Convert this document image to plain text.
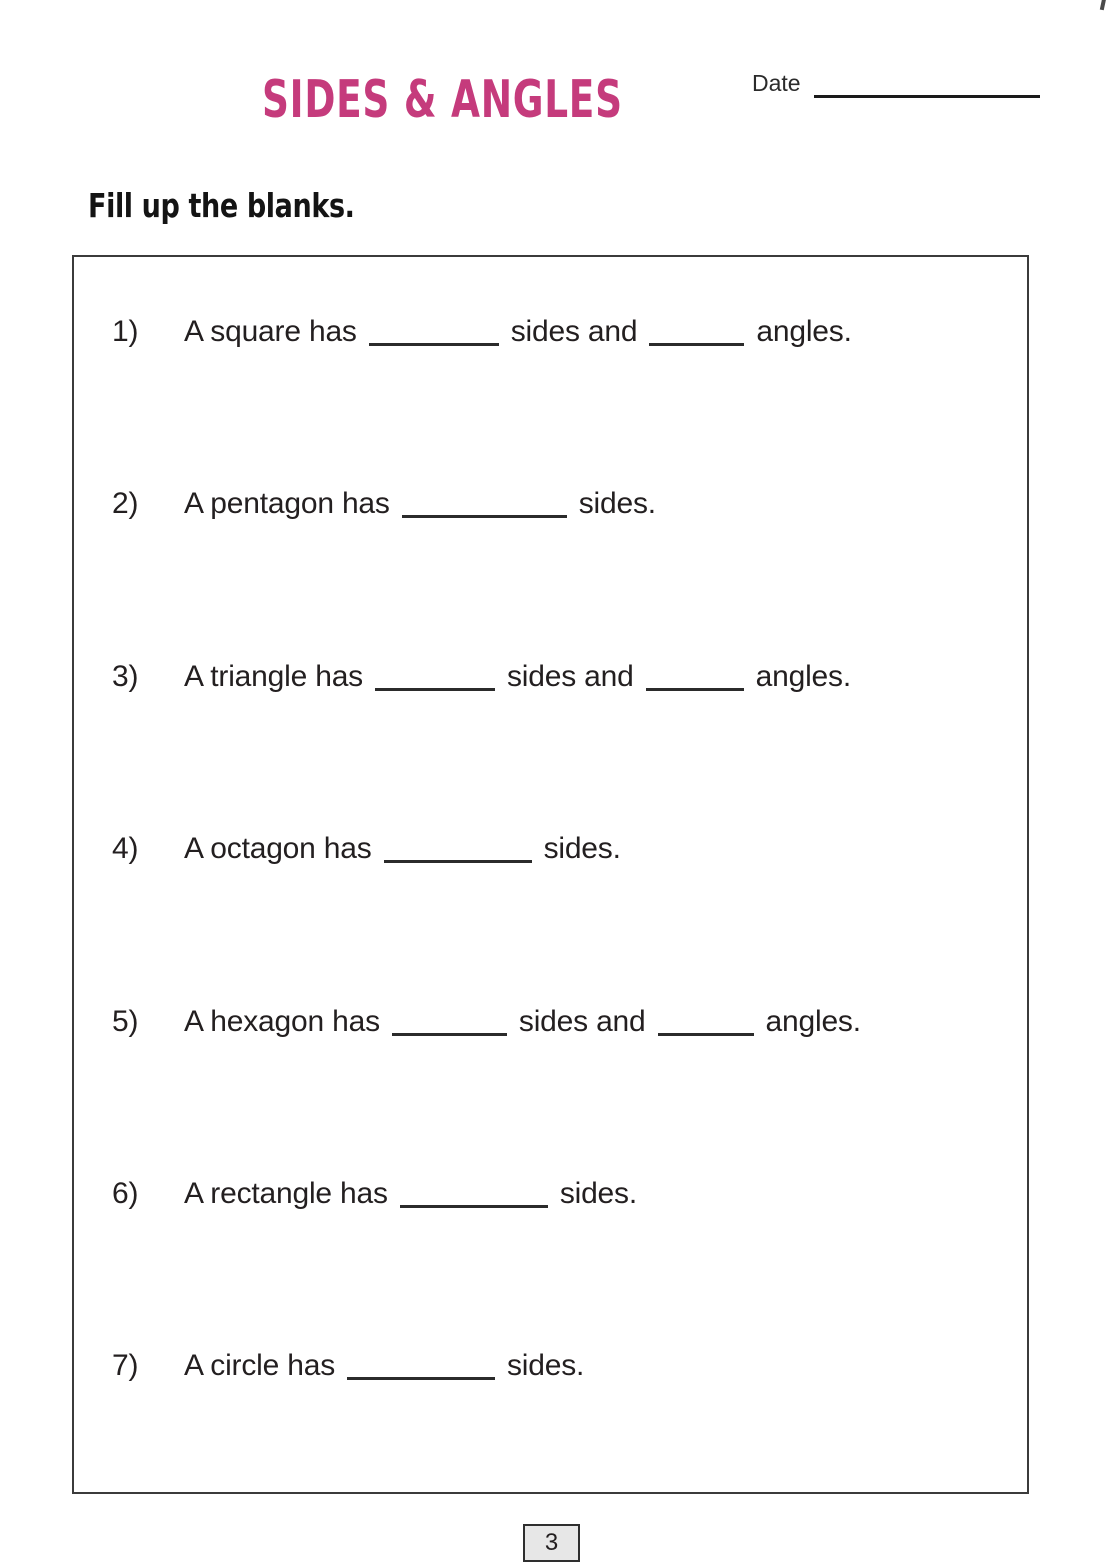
SIDES & ANGLES	Date
Fill up the blanks.
1) A square has	sides and	angles.
2) A pentagon has	sides.
3) A triangle has	sides and	angles.
4) A octagon has	sides.
5) A hexagon has	sides and	angles.
6) A rectangle has	sides.
7) A circle has	sides.
3
